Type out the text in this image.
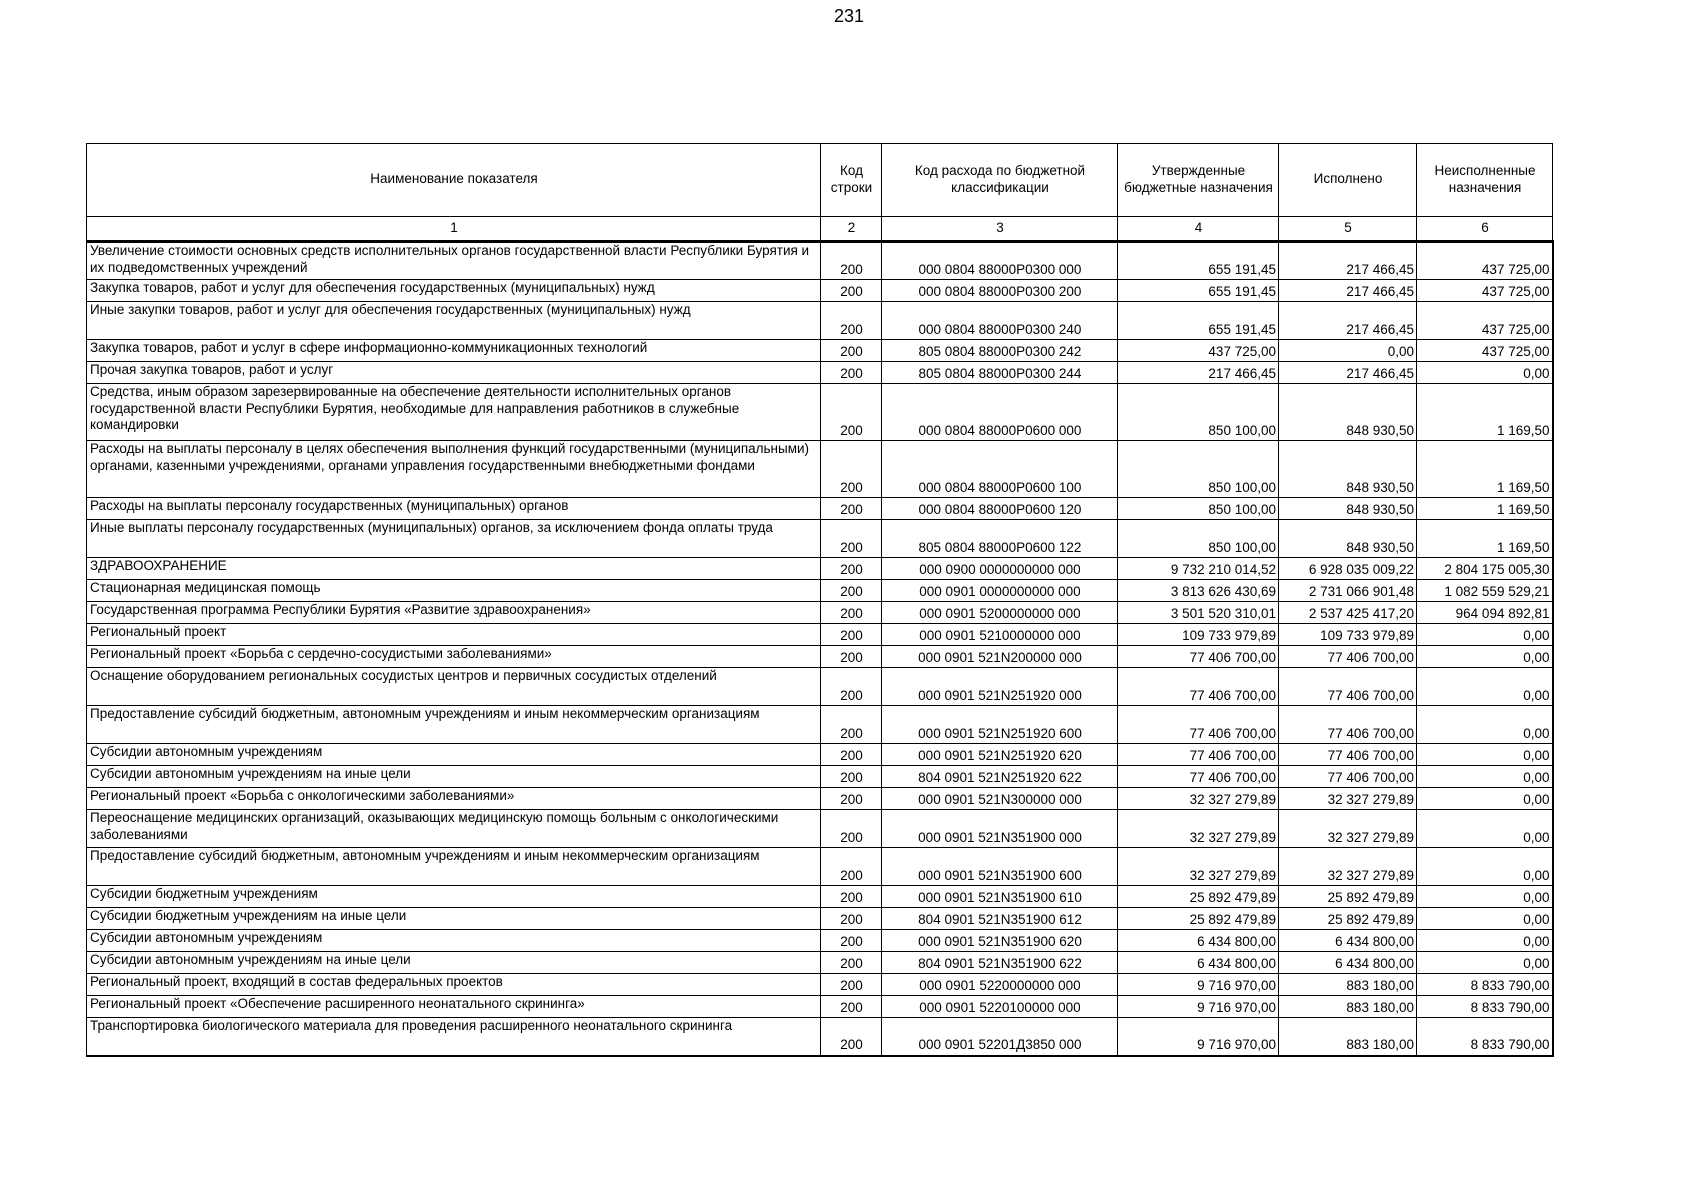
231
Наименование показателя	Код строки	Код расхода по бюджетной классификации	Утвержденные бюджетные назначения	Исполнено	Неисполненные назначения
1	2	3	4	5	6
Увеличение стоимости основных средств исполнительных органов государственной власти Республики Бурятия и их подведомственных учреждений	200	000 0804 88000Р0300 000	655 191,45	217 466,45	437 725,00
Закупка товаров, работ и услуг для обеспечения государственных (муниципальных) нужд	200	000 0804 88000Р0300 200	655 191,45	217 466,45	437 725,00
Иные закупки товаров, работ и услуг для обеспечения государственных (муниципальных) нужд	200	000 0804 88000Р0300 240	655 191,45	217 466,45	437 725,00
Закупка товаров, работ и услуг в сфере информационно-коммуникационных технологий	200	805 0804 88000Р0300 242	437 725,00	0,00	437 725,00
Прочая закупка товаров, работ и услуг	200	805 0804 88000Р0300 244	217 466,45	217 466,45	0,00
Средства, иным образом зарезервированные на обеспечение деятельности исполнительных органов государственной власти Республики Бурятия, необходимые для направления работников в служебные командировки	200	000 0804 88000Р0600 000	850 100,00	848 930,50	1 169,50
Расходы на выплаты персоналу в целях обеспечения выполнения функций государственными (муниципальными) органами, казенными учреждениями, органами управления государственными внебюджетными фондами	200	000 0804 88000Р0600 100	850 100,00	848 930,50	1 169,50
Расходы на выплаты персоналу государственных (муниципальных) органов	200	000 0804 88000Р0600 120	850 100,00	848 930,50	1 169,50
Иные выплаты персоналу государственных (муниципальных) органов, за исключением фонда оплаты труда	200	805 0804 88000Р0600 122	850 100,00	848 930,50	1 169,50
ЗДРАВООХРАНЕНИЕ	200	000 0900 0000000000 000	9 732 210 014,52	6 928 035 009,22	2 804 175 005,30
Стационарная медицинская помощь	200	000 0901 0000000000 000	3 813 626 430,69	2 731 066 901,48	1 082 559 529,21
Государственная программа Республики Бурятия «Развитие здравоохранения»	200	000 0901 5200000000 000	3 501 520 310,01	2 537 425 417,20	964 094 892,81
Региональный проект	200	000 0901 5210000000 000	109 733 979,89	109 733 979,89	0,00
Региональный проект «Борьба с сердечно-сосудистыми заболеваниями»	200	000 0901 521N200000 000	77 406 700,00	77 406 700,00	0,00
Оснащение оборудованием региональных сосудистых центров и первичных сосудистых отделений	200	000 0901 521N251920 000	77 406 700,00	77 406 700,00	0,00
Предоставление субсидий бюджетным, автономным учреждениям и иным некоммерческим организациям	200	000 0901 521N251920 600	77 406 700,00	77 406 700,00	0,00
Субсидии автономным учреждениям	200	000 0901 521N251920 620	77 406 700,00	77 406 700,00	0,00
Субсидии автономным учреждениям на иные цели	200	804 0901 521N251920 622	77 406 700,00	77 406 700,00	0,00
Региональный проект «Борьба с онкологическими заболеваниями»	200	000 0901 521N300000 000	32 327 279,89	32 327 279,89	0,00
Переоснащение медицинских организаций, оказывающих медицинскую помощь больным с онкологическими заболеваниями	200	000 0901 521N351900 000	32 327 279,89	32 327 279,89	0,00
Предоставление субсидий бюджетным, автономным учреждениям и иным некоммерческим организациям	200	000 0901 521N351900 600	32 327 279,89	32 327 279,89	0,00
Субсидии бюджетным учреждениям	200	000 0901 521N351900 610	25 892 479,89	25 892 479,89	0,00
Субсидии бюджетным учреждениям на иные цели	200	804 0901 521N351900 612	25 892 479,89	25 892 479,89	0,00
Субсидии автономным учреждениям	200	000 0901 521N351900 620	6 434 800,00	6 434 800,00	0,00
Субсидии автономным учреждениям на иные цели	200	804 0901 521N351900 622	6 434 800,00	6 434 800,00	0,00
Региональный проект, входящий в состав федеральных проектов	200	000 0901 5220000000 000	9 716 970,00	883 180,00	8 833 790,00
Региональный проект «Обеспечение расширенного неонатального скрининга»	200	000 0901 5220100000 000	9 716 970,00	883 180,00	8 833 790,00
Транспортировка биологического материала для проведения расширенного неонатального скрининга	200	000 0901 52201Д3850 000	9 716 970,00	883 180,00	8 833 790,00
